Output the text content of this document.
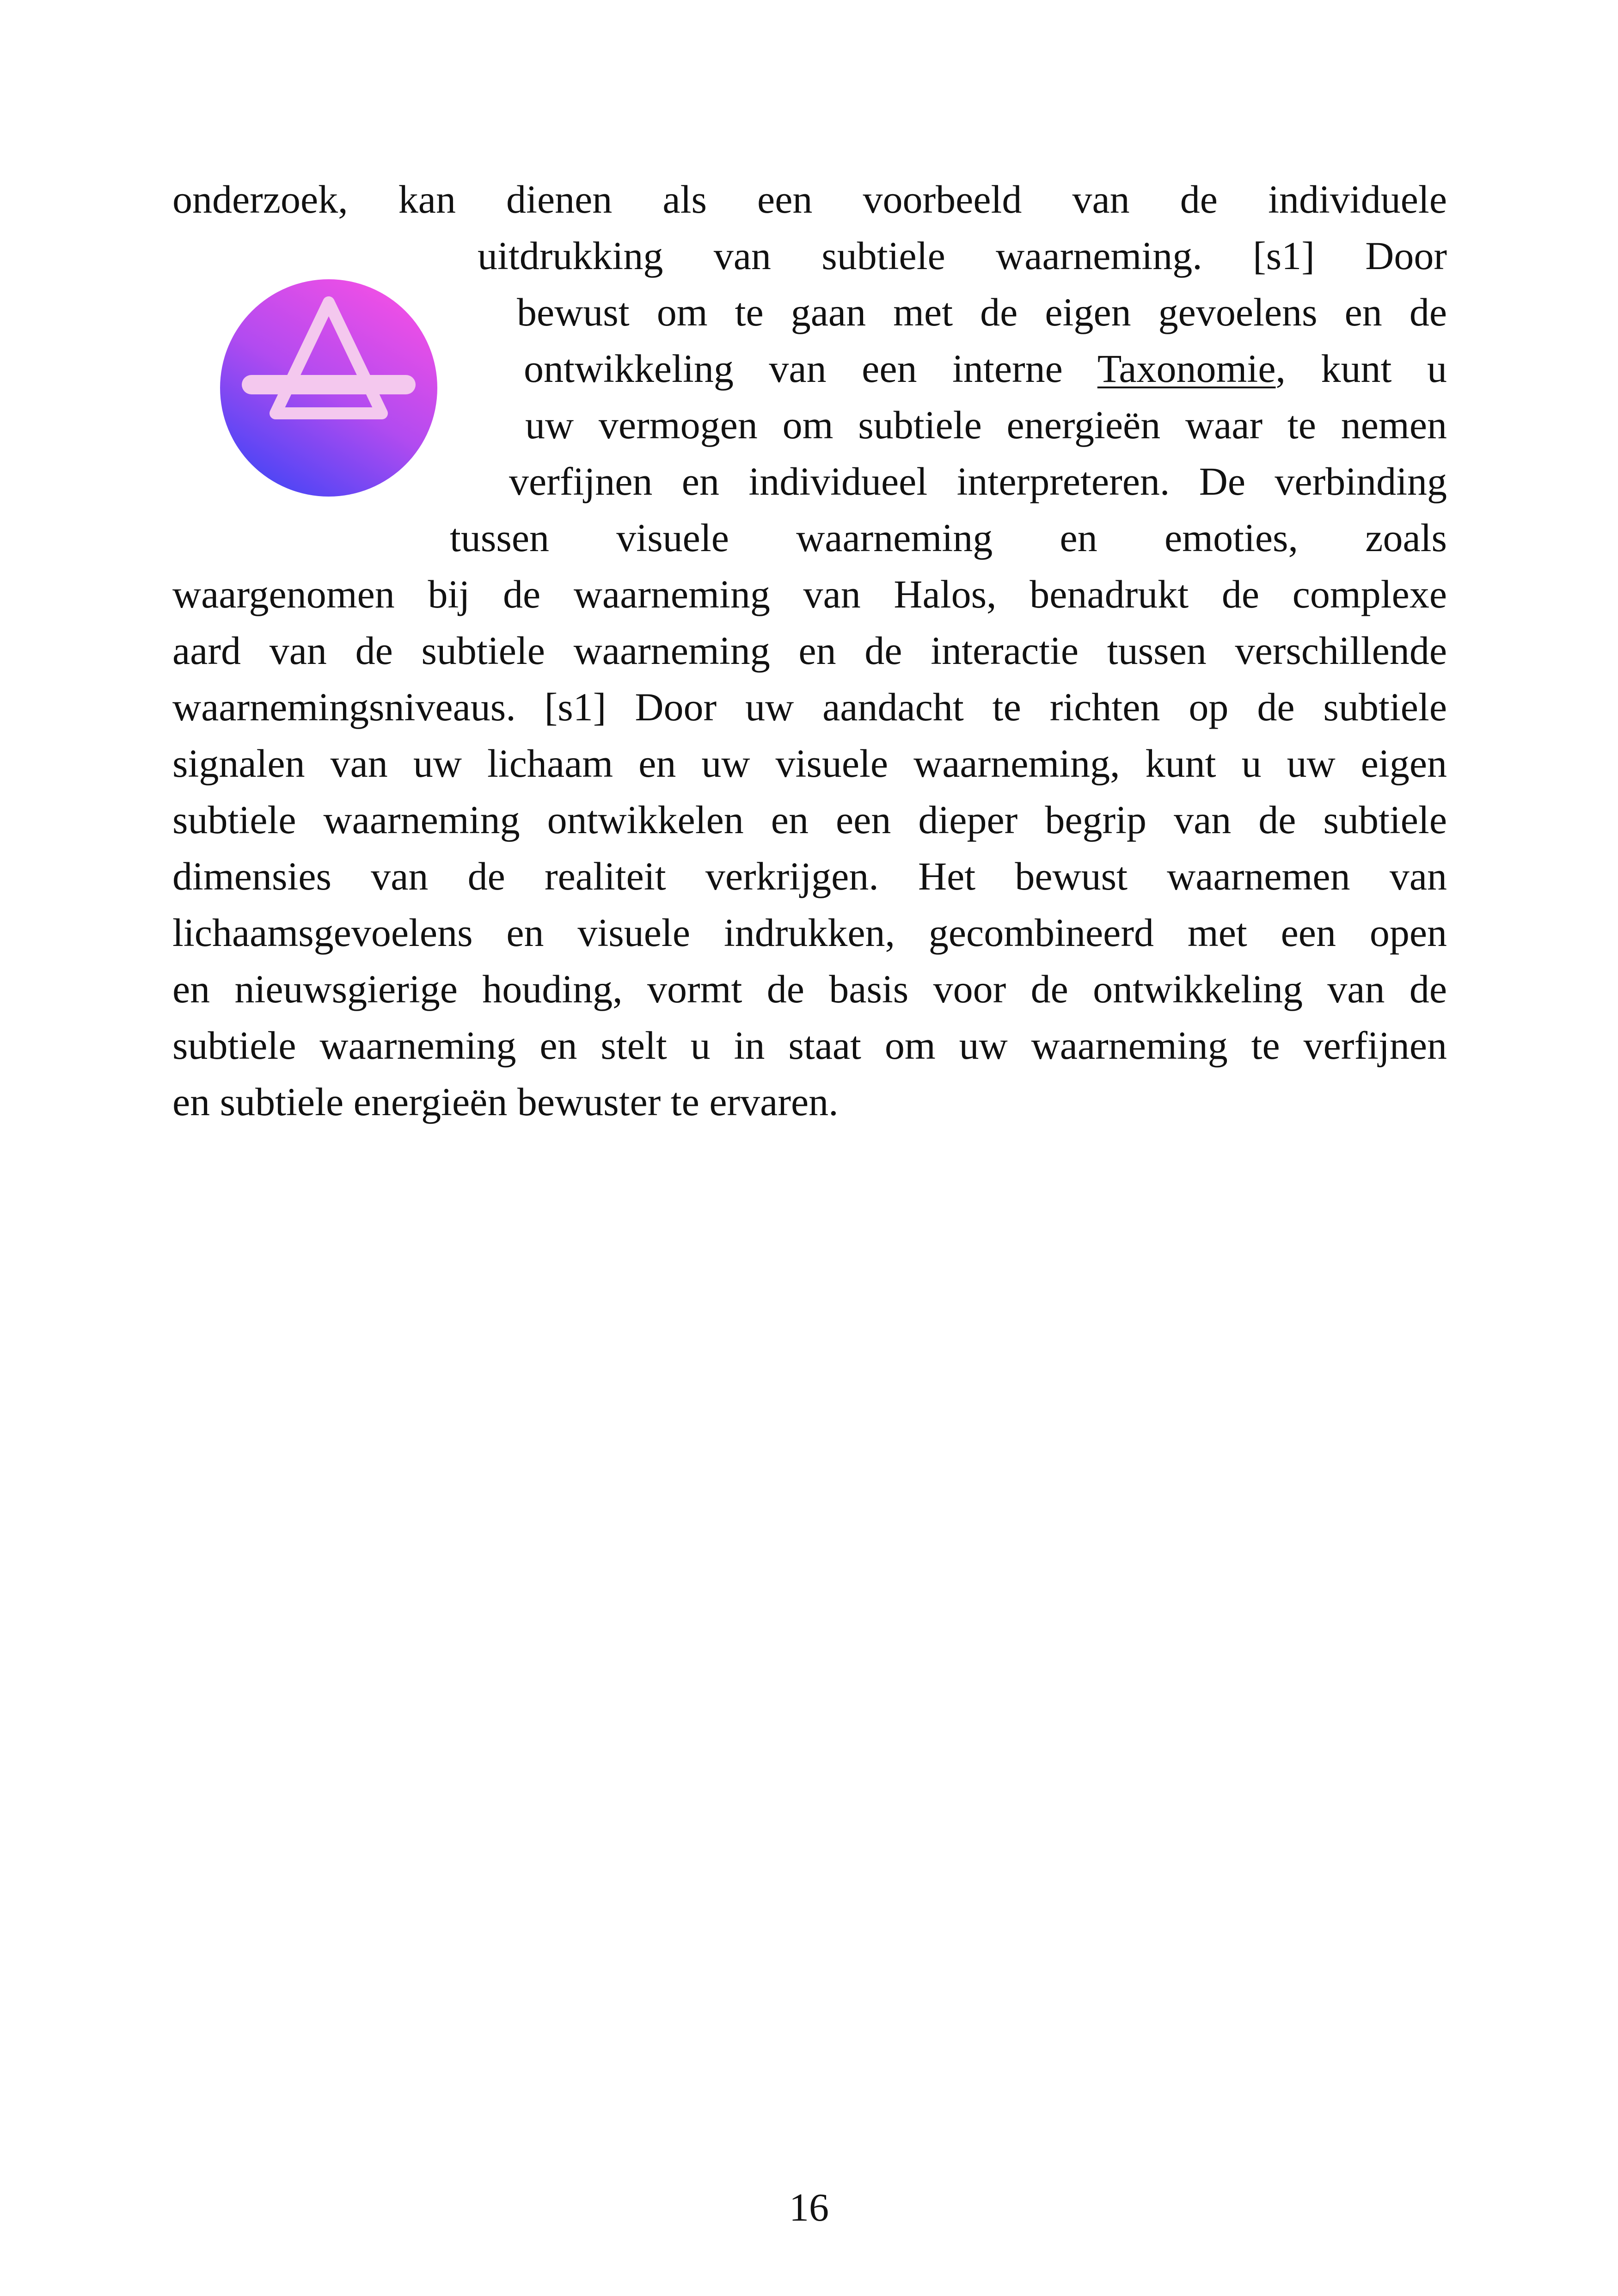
onderzoek, kan dienen als een voorbeeld van de individuele
uitdrukking van subtiele waarneming. [s1] Door
bewust om te gaan met de eigen gevoelens en de
ontwikkeling van een interne Taxonomie, kunt u
uw vermogen om subtiele energieën waar te nemen
verfijnen en individueel interpreteren. De verbinding
tussen visuele waarneming en emoties, zoals
waargenomen bij de waarneming van Halos, benadrukt de complexe
aard van de subtiele waarneming en de interactie tussen verschillende
waarnemingsniveaus. [s1] Door uw aandacht te richten op de subtiele
signalen van uw lichaam en uw visuele waarneming, kunt u uw eigen
subtiele waarneming ontwikkelen en een dieper begrip van de subtiele
dimensies van de realiteit verkrijgen. Het bewust waarnemen van
lichaamsgevoelens en visuele indrukken, gecombineerd met een open
en nieuwsgierige houding, vormt de basis voor de ontwikkeling van de
subtiele waarneming en stelt u in staat om uw waarneming te verfijnen
en subtiele energieën bewuster te ervaren.
16
